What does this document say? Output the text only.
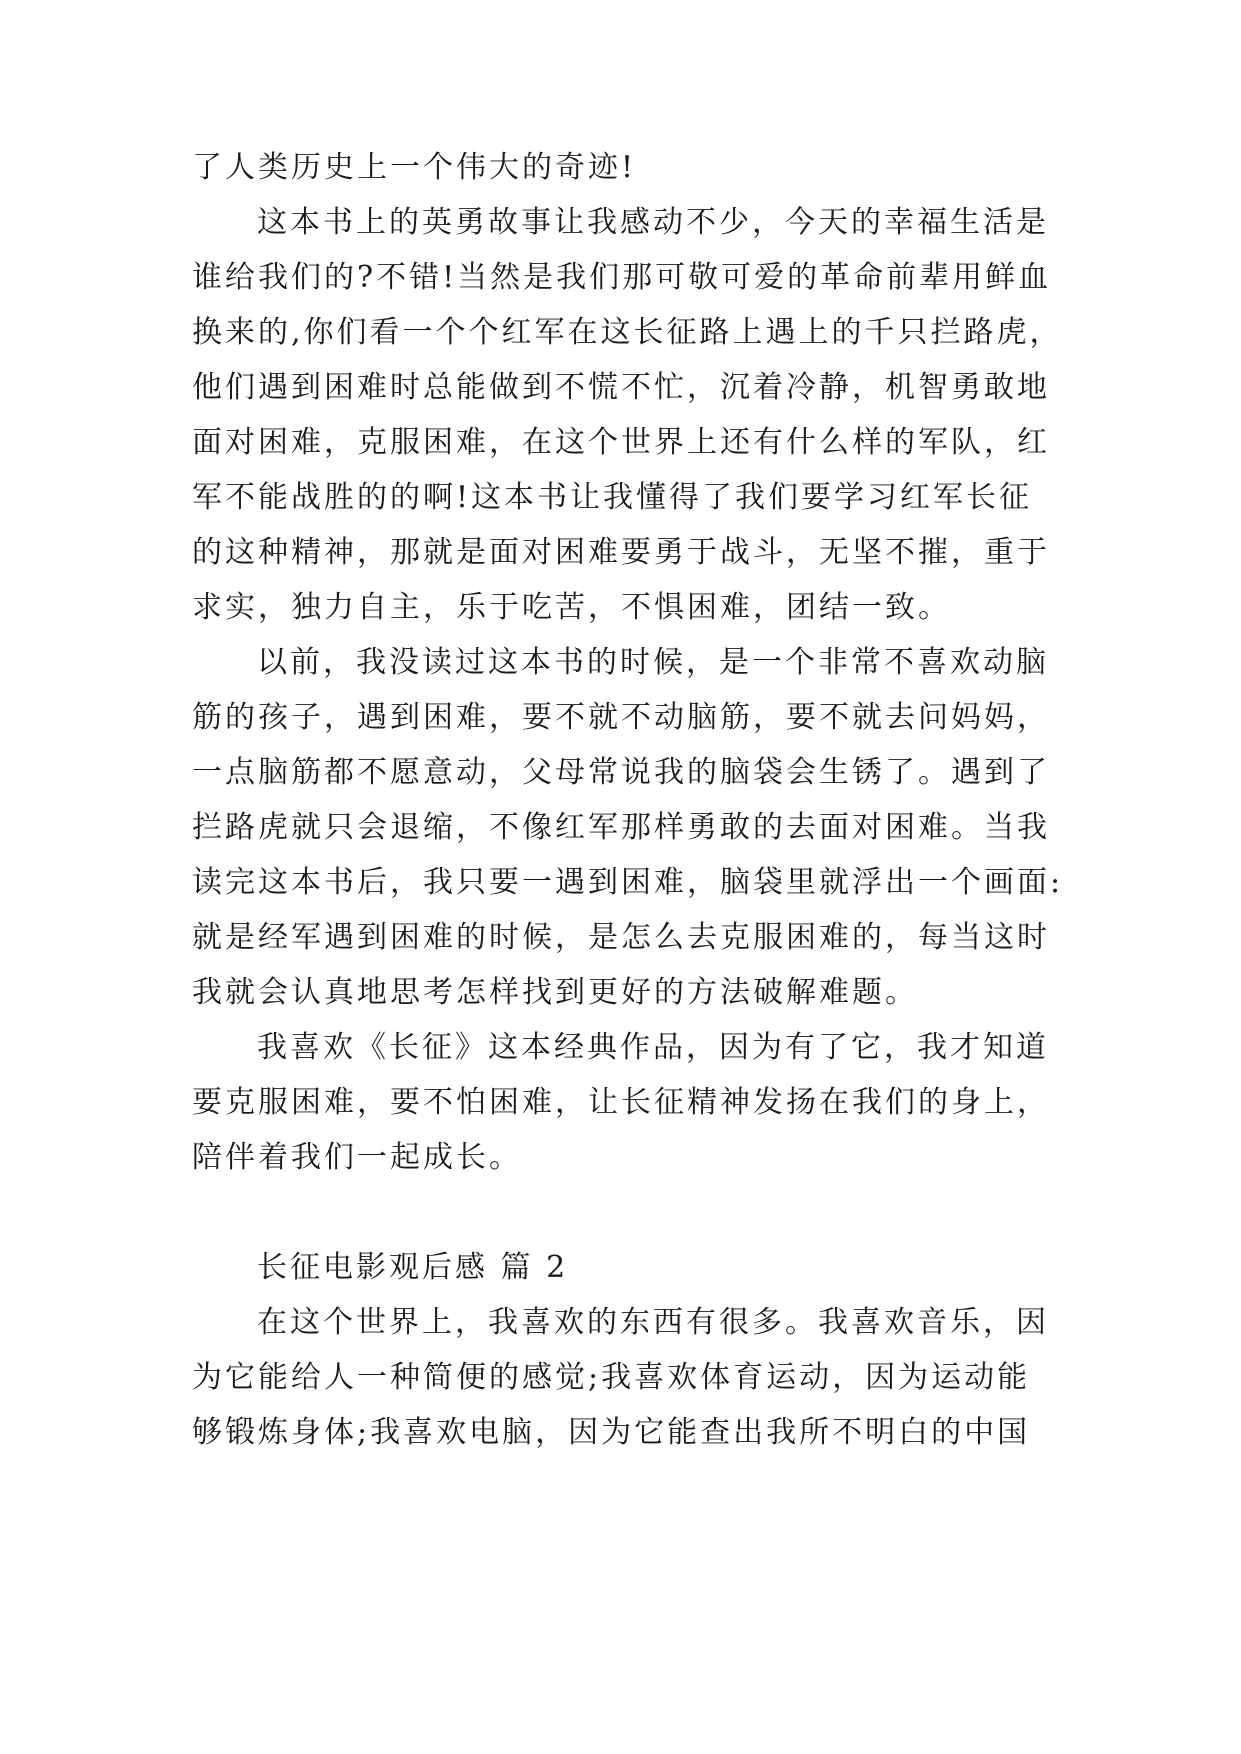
了人类历史上一个伟大的奇迹!
这本书上的英勇故事让我感动不少，今天的幸福生活是
谁给我们的?不错!当然是我们那可敬可爱的革命前辈用鲜血
换来的,你们看一个个红军在这长征路上遇上的千只拦路虎，
他们遇到困难时总能做到不慌不忙，沉着冷静，机智勇敢地
面对困难，克服困难，在这个世界上还有什么样的军队，红
军不能战胜的的啊!这本书让我懂得了我们要学习红军长征
的这种精神，那就是面对困难要勇于战斗，无坚不摧，重于
求实，独力自主，乐于吃苦，不惧困难，团结一致。
以前，我没读过这本书的时候，是一个非常不喜欢动脑
筋的孩子，遇到困难，要不就不动脑筋，要不就去问妈妈，
一点脑筋都不愿意动，父母常说我的脑袋会生锈了。遇到了
拦路虎就只会退缩，不像红军那样勇敢的去面对困难。当我
读完这本书后，我只要一遇到困难，脑袋里就浮出一个画面:
就是经军遇到困难的时候，是怎么去克服困难的，每当这时
我就会认真地思考怎样找到更好的方法破解难题。
我喜欢《长征》这本经典作品，因为有了它，我才知道
要克服困难，要不怕困难，让长征精神发扬在我们的身上，
陪伴着我们一起成长。
长征电影观后感 篇 2
在这个世界上，我喜欢的东西有很多。我喜欢音乐，因
为它能给人一种简便的感觉;我喜欢体育运动，因为运动能
够锻炼身体;我喜欢电脑，因为它能查出我所不明白的中国
